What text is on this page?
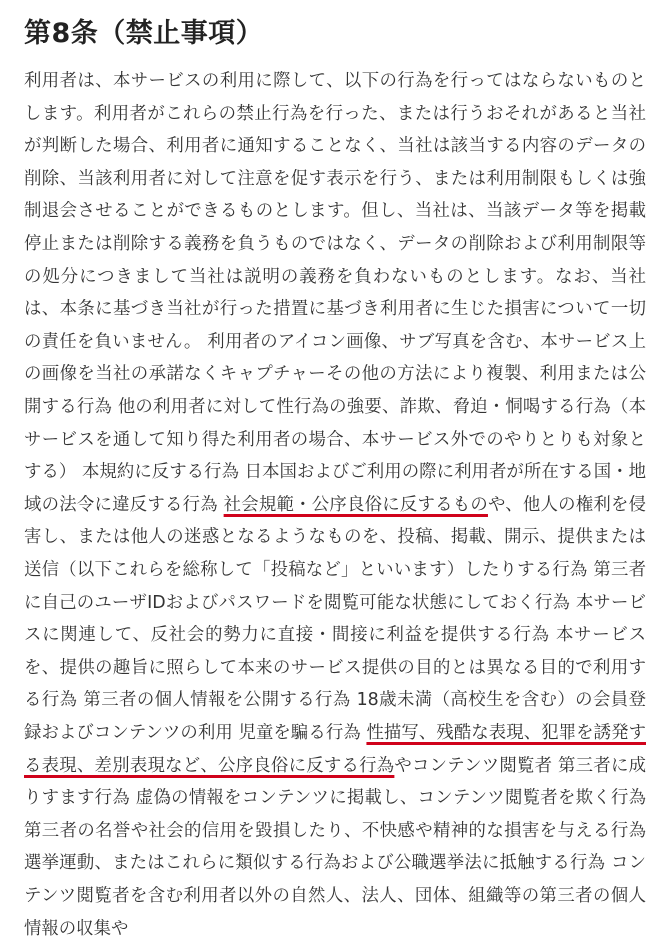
第8条（禁止事項）

利用者は、本サービスの利用に際して、以下の行為を行ってはならないものとします。利用者がこれらの禁止行為を行った、または行うおそれがあると当社が判断した場合、利用者に通知することなく、当社は該当する内容のデータの削除、当該利用者に対して注意を促す表示を行う、または利用制限もしくは強制退会させることができるものとします。但し、当社は、当該データ等を掲載停止または削除する義務を負うものではなく、データの削除および利用制限等の処分につきまして当社は説明の義務を負わないものとします。なお、当社は、本条に基づき当社が行った措置に基づき利用者に生じた損害について一切の責任を負いません。 利用者のアイコン画像、サブ写真を含む、本サービス上の画像を当社の承諾なくキャプチャーその他の方法により複製、利用または公開する行為 他の利用者に対して性行為の強要、詐欺、脅迫・恫喝する行為（本サービスを通して知り得た利用者の場合、本サービス外でのやりとりも対象とする） 本規約に反する行為 日本国およびご利用の際に利用者が所在する国・地域の法令に違反する行為 社会規範・公序良俗に反するものや、他人の権利を侵害し、または他人の迷惑となるようなものを、投稿、掲載、開示、提供または送信（以下これらを総称して「投稿など」といいます）したりする行為 第三者に自己のユーザIDおよびパスワードを閲覧可能な状態にしておく行為 本サービスに関連して、反社会的勢力に直接・間接に利益を提供する行為 本サービスを、提供の趣旨に照らして本来のサービス提供の目的とは異なる目的で利用する行為 第三者の個人情報を公開する行為 18歳未満（高校生を含む）の会員登録およびコンテンツの利用 児童を騙る行為 性描写、残酷な表現、犯罪を誘発する表現、差別表現など、公序良俗に反する行為やコンテンツ閲覧者 第三者に成りすます行為 虚偽の情報をコンテンツに掲載し、コンテンツ閲覧者を欺く行為 第三者の名誉や社会的信用を毀損したり、不快感や精神的な損害を与える行為 選挙運動、またはこれらに類似する行為および公職選挙法に抵触する行為 コンテンツ閲覧者を含む利用者以外の自然人、法人、団体、組織等の第三者の個人情報の収集や
